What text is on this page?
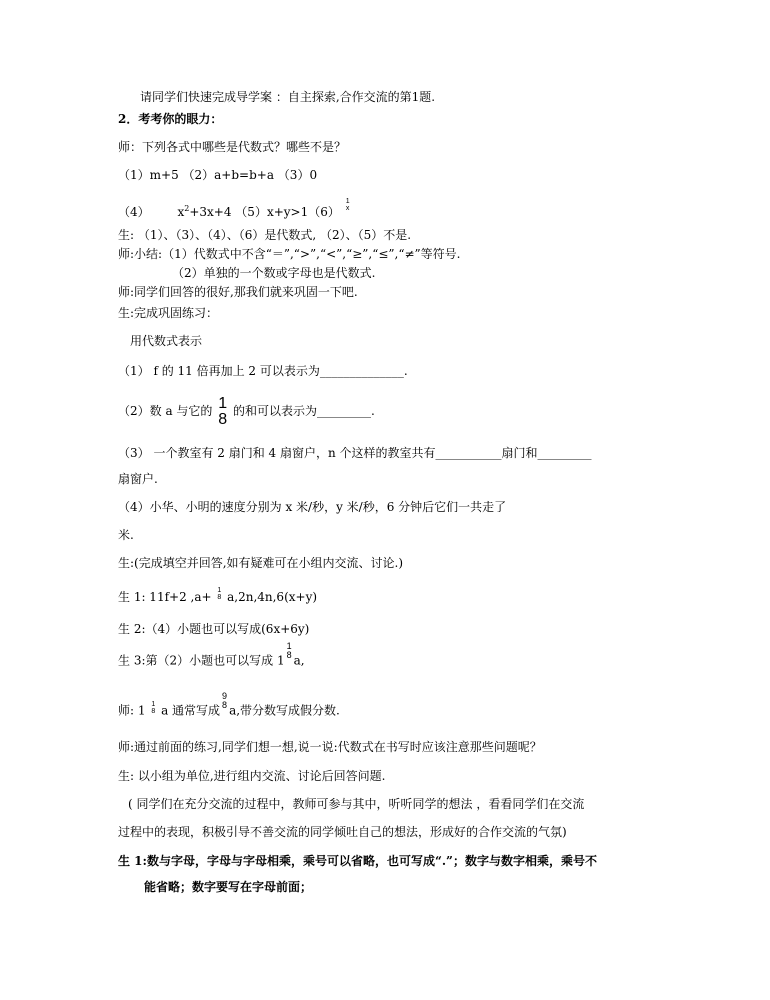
请同学们快速完成导学案 ：自主探索,合作交流的第1题.
2．考考你的眼力：
师：下列各式中哪些是代数式？哪些不是？
（1）m+5 （2）a+b=b+a （3）0
（4） $x^2+3x+4$ （5）x+y>1（6）
1
x
生: （1）、（3）、（4）、（6）是代数式, （2）、（5）不是.
师:小结:（1）代数式中不含“＝”,“>”,“<”,“≥”,“≤”,“≠”等符号.
（2）单独的一个数或字母也是代数式.
师:同学们回答的很好,那我们就来巩固一下吧.
生:完成巩固练习：
用代数式表示
（1） f 的 11 倍再加上 2 可以表示为______________.
（2）数 a 与它的 1
8 的和可以表示为_________.
（3） 一个教室有 2 扇门和 4 扇窗户，n 个这样的教室共有___________扇门和_________
扇窗户.
（4）小华、小明的速度分别为 x 米/秒，y 米/秒，6 分钟后它们一共走了
米.
生:(完成填空并回答,如有疑难可在小组内交流、讨论.)
生 1: 11f+2 ,a+ 1
8 a,2n,4n,6(x+y)
生 2:（4）小题也可以写成(6x+6y)
生 3:第（2）小题也可以写成 1
1
8 a,
师: 1 1
8 a 通常写成
9
8 a,带分数写成假分数.
师:通过前面的练习,同学们想一想,说一说:代数式在书写时应该注意那些问题呢？
生: 以小组为单位,进行组内交流、讨论后回答问题.
( 同学们在充分交流的过程中，教师可参与其中，听听同学的想法 ，看看同学们在交流
过程中的表现，积极引导不善交流的同学倾吐自己的想法，形成好的合作交流的气氛)
生 1:数与字母，字母与字母相乘，乘号可以省略，也可写成“.”；数字与数字相乘，乘号不
能省略；数字要写在字母前面；
